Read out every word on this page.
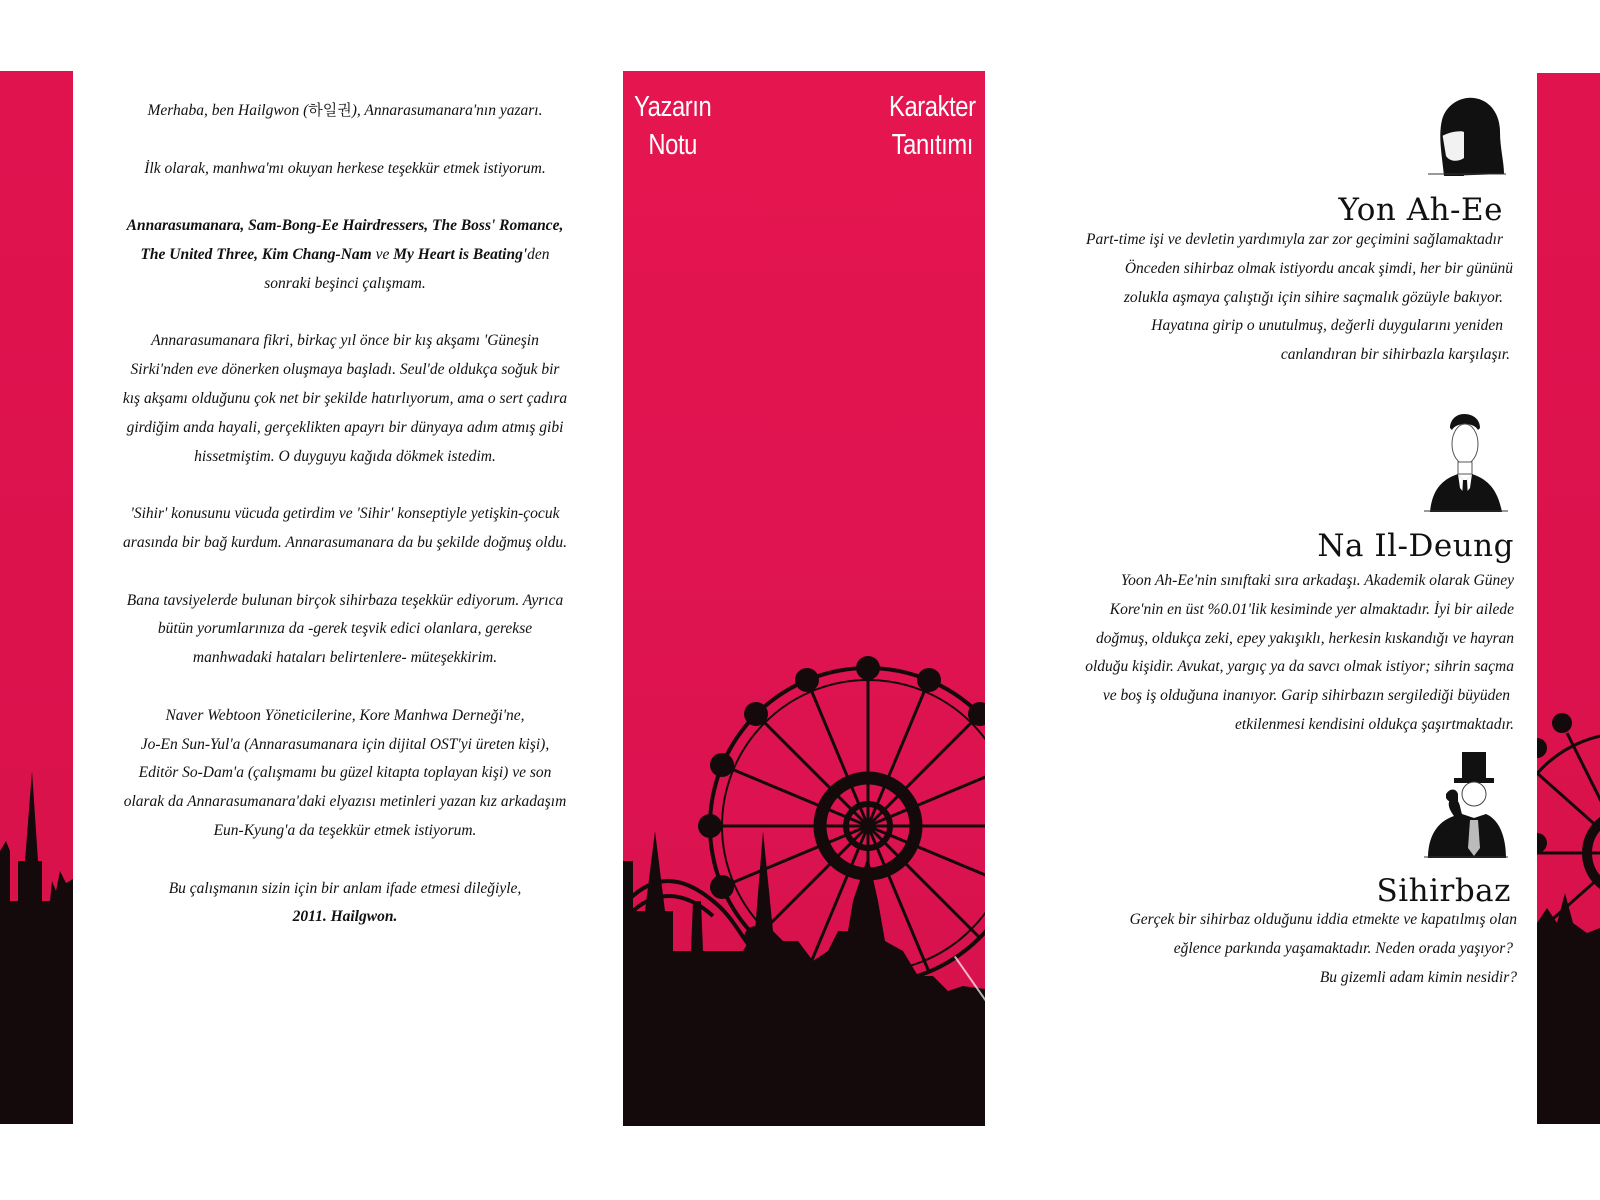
Yazarın
Notu
Karakter
Tanıtımı

Merhaba, ben Hailgwon (하일권), Annarasumanara'nın yazarı.

İlk olarak, manhwa'mı okuyan herkese teşekkür etmek istiyorum.

Annarasumanara, Sam-Bong-Ee Hairdressers, The Boss' Romance,
The United Three, Kim Chang-Nam ve My Heart is Beating'den
sonraki beşinci çalışmam.

Annarasumanara fikri, birkaç yıl önce bir kış akşamı 'Güneşin
Sirki'nden eve dönerken oluşmaya başladı. Seul'de oldukça soğuk bir
kış akşamı olduğunu çok net bir şekilde hatırlıyorum, ama o sert çadıra
girdiğim anda hayali, gerçeklikten apayrı bir dünyaya adım atmış gibi
hissetmiştim. O duyguyu kağıda dökmek istedim.

'Sihir' konusunu vücuda getirdim ve 'Sihir' konseptiyle yetişkin-çocuk
arasında bir bağ kurdum. Annarasumanara da bu şekilde doğmuş oldu.

Bana tavsiyelerde bulunan birçok sihirbaza teşekkür ediyorum. Ayrıca
bütün yorumlarınıza da -gerek teşvik edici olanlara, gerekse
manhwadaki hataları belirtenlere- müteşekkirim.

Naver Webtoon Yöneticilerine, Kore Manhwa Derneği'ne,
Jo-En Sun-Yul'a (Annarasumanara için dijital OST'yi üreten kişi),
Editör So-Dam'a (çalışmamı bu güzel kitapta toplayan kişi) ve son
olarak da Annarasumanara'daki elyazısı metinleri yazan kız arkadaşım
Eun-Kyung'a da teşekkür etmek istiyorum.

Bu çalışmanın sizin için bir anlam ifade etmesi dileğiyle,
2011. Hailgwon.

Yon Ah-Ee
Part-time işi ve devletin yardımıyla zar zor geçimini sağlamaktadır
Önceden sihirbaz olmak istiyordu ancak şimdi, her bir gününü
zolukla aşmaya çalıştığı için sihire saçmalık gözüyle bakıyor.
Hayatına girip o unutulmuş, değerli duygularını yeniden
canlandıran bir sihirbazla karşılaşır.
Na Il-Deung
Yoon Ah-Ee'nin sınıftaki sıra arkadaşı. Akademik olarak Güney
Kore'nin en üst %0.01'lik kesiminde yer almaktadır. İyi bir ailede
doğmuş, oldukça zeki, epey yakışıklı, herkesin kıskandığı ve hayran
olduğu kişidir. Avukat, yargıç ya da savcı olmak istiyor; sihrin saçma
ve boş iş olduğuna inanıyor. Garip sihirbazın sergilediği büyüden
etkilenmesi kendisini oldukça şaşırtmaktadır.
Sihirbaz
Gerçek bir sihirbaz olduğunu iddia etmekte ve kapatılmış olan
eğlence parkında yaşamaktadır. Neden orada yaşıyor?
Bu gizemli adam kimin nesidir?
